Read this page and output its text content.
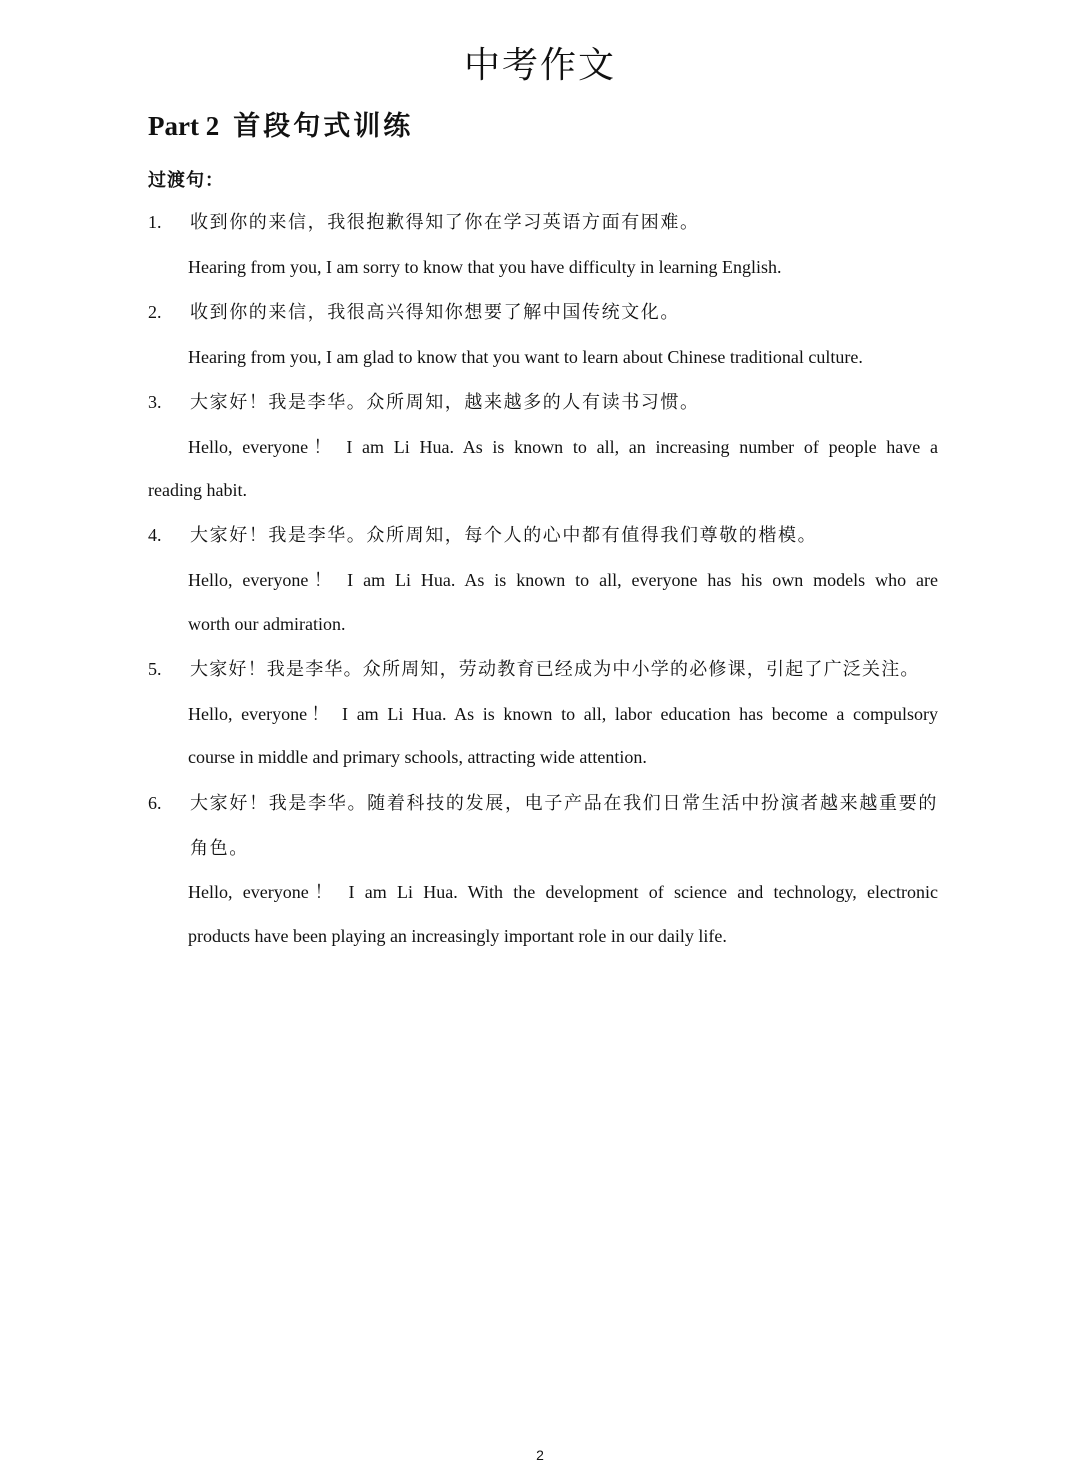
中考作文
Part 2 首段句式训练
过渡句：
1. 收到你的来信，我很抱歉得知了你在学习英语方面有困难。
Hearing from you, I am sorry to know that you have difficulty in learning English.
2. 收到你的来信，我很高兴得知你想要了解中国传统文化。
Hearing from you, I am glad to know that you want to learn about Chinese traditional culture.
3. 大家好！我是李华。众所周知，越来越多的人有读书习惯。
Hello, everyone！ I am Li Hua. As is known to all, an increasing number of people have a
reading habit.
4. 大家好！我是李华。众所周知，每个人的心中都有值得我们尊敬的楷模。
Hello, everyone！ I am Li Hua. As is known to all, everyone has his own models who are
worth our admiration.
5. 大家好！我是李华。众所周知，劳动教育已经成为中小学的必修课，引起了广泛关注。
Hello, everyone！ I am Li Hua. As is known to all, labor education has become a compulsory
course in middle and primary schools, attracting wide attention.
6. 大家好！我是李华。随着科技的发展，电子产品在我们日常生活中扮演者越来越重要的
角色。
Hello, everyone！ I am Li Hua. With the development of science and technology, electronic
products have been playing an increasingly important role in our daily life.
2
